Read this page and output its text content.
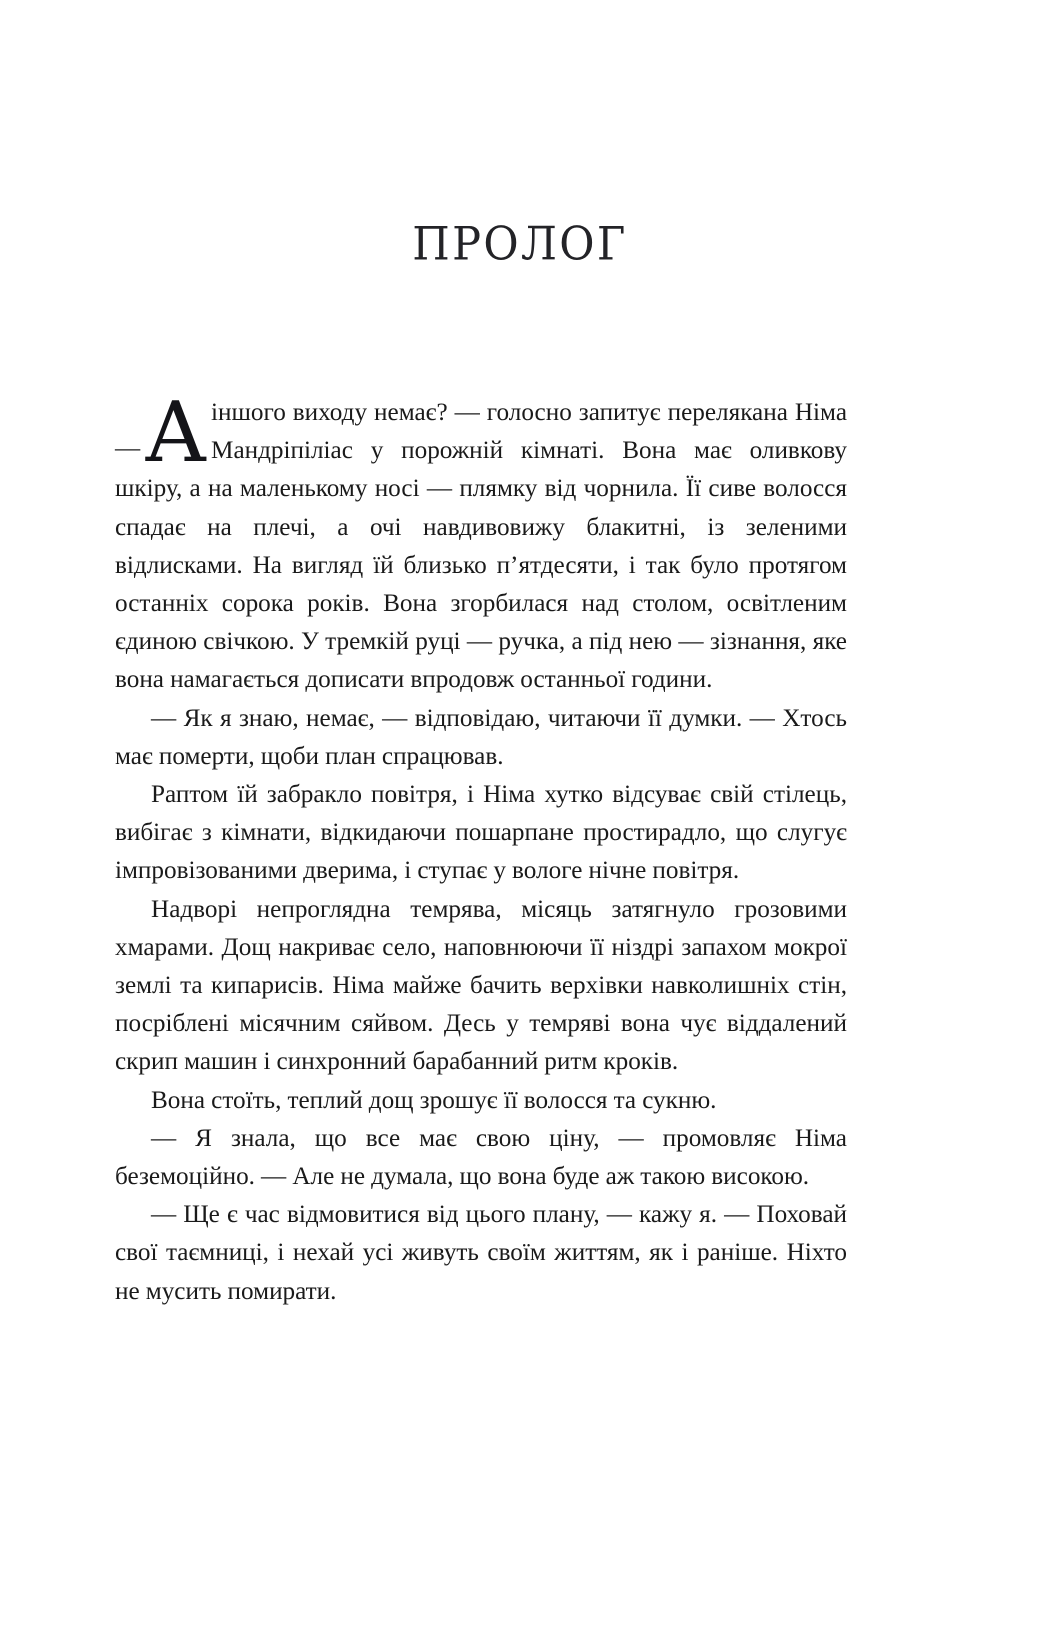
ПРОЛОГ

— А іншого виходу немає? — голосно запитує перелякана Німа Мандріпіліас у порожній кімнаті. Вона має оливкову шкіру, а на маленькому носі — плямку від чорнила. Її сиве волосся спадає на плечі, а очі навдивовижу блакитні, із зеленими відлисками. На вигляд їй близько п’ятдесяти, і так було протягом останніх сорока років. Вона згорбилася над столом, освітленим єдиною свічкою. У тремкій руці — ручка, а під нею — зізнання, яке вона намагається дописати впродовж останньої години.

— Як я знаю, немає, — відповідаю, читаючи її думки. — Хтось має померти, щоби план спрацював.

Раптом їй забракло повітря, і Німа хутко відсуває свій стілець, вибігає з кімнати, відкидаючи пошарпане простирадло, що слугує імпровізованими дверима, і ступає у вологе нічне повітря.

Надворі непроглядна темрява, місяць затягнуло грозовими хмарами. Дощ накриває село, наповнюючи її ніздрі запахом мокрої землі та кипарисів. Німа майже бачить верхівки навколишніх стін, посріблені місячним сяйвом. Десь у темряві вона чує віддалений скрип машин і синхронний барабанний ритм кроків.

Вона стоїть, теплий дощ зрошує її волосся та сукню.

— Я знала, що все має свою ціну, — промовляє Німа беземоційно. — Але не думала, що вона буде аж такою високою.

— Ще є час відмовитися від цього плану, — кажу я. — Поховай свої таємниці, і нехай усі живуть своїм життям, як і раніше. Ніхто не мусить помирати.
